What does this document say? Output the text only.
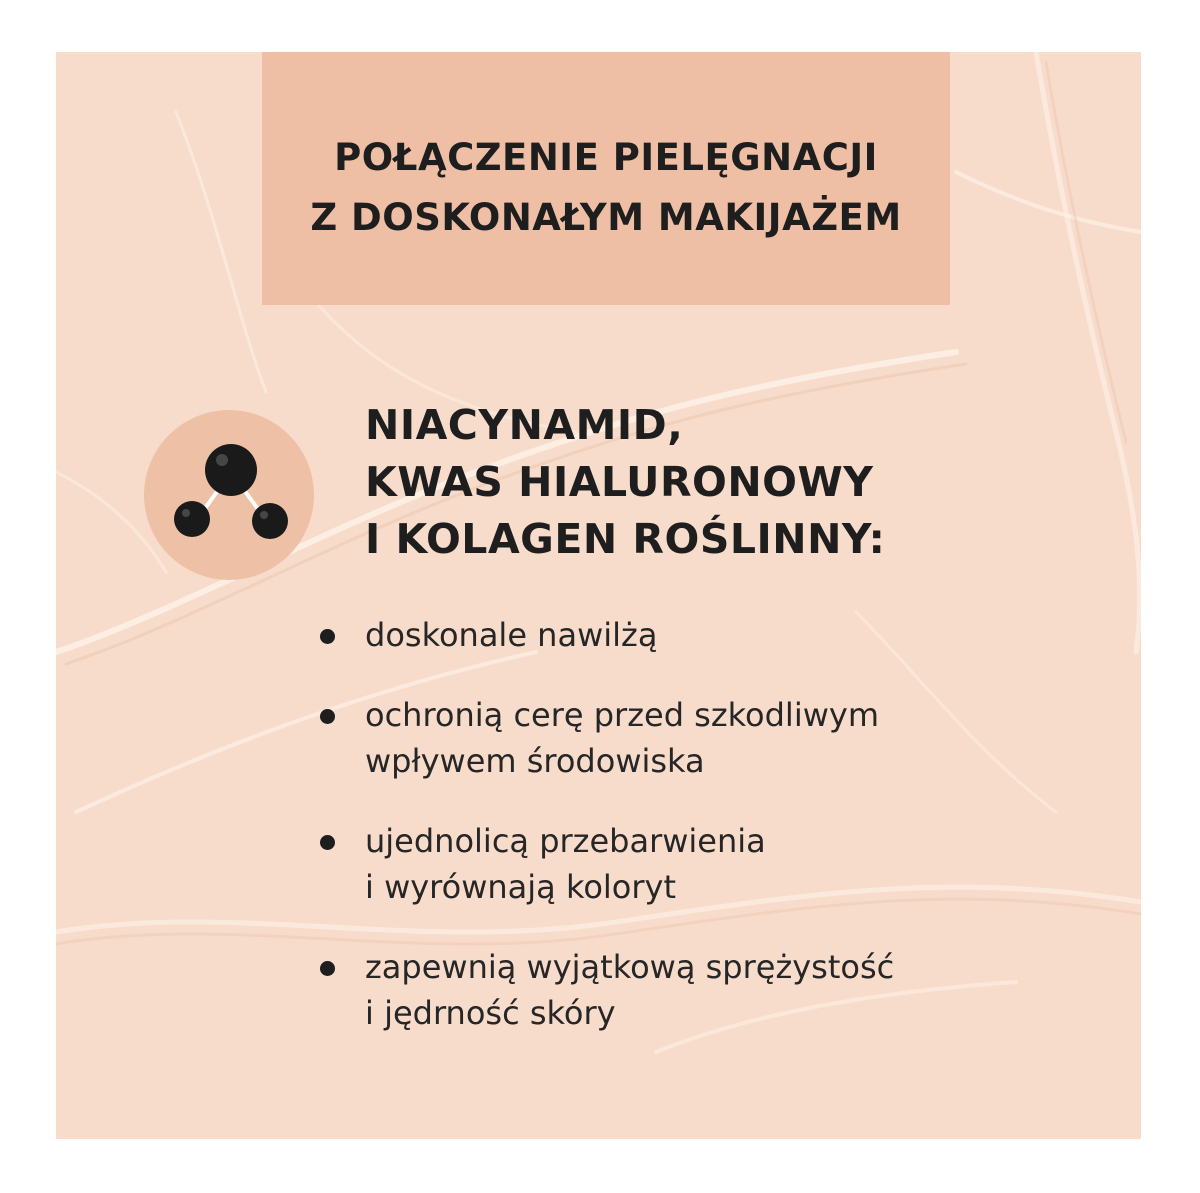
POŁĄCZENIE PIELĘGNACJI
Z DOSKONAŁYM MAKIJAŻEM
NIACYNAMID,
KWAS HIALURONOWY
I KOLAGEN ROŚLINNY:
doskonale nawilżą
ochronią cerę przed szkodliwym
wpływem środowiska
ujednolicą przebarwienia
i wyrównają koloryt
zapewnią wyjątkową sprężystość
i jędrność skóry
